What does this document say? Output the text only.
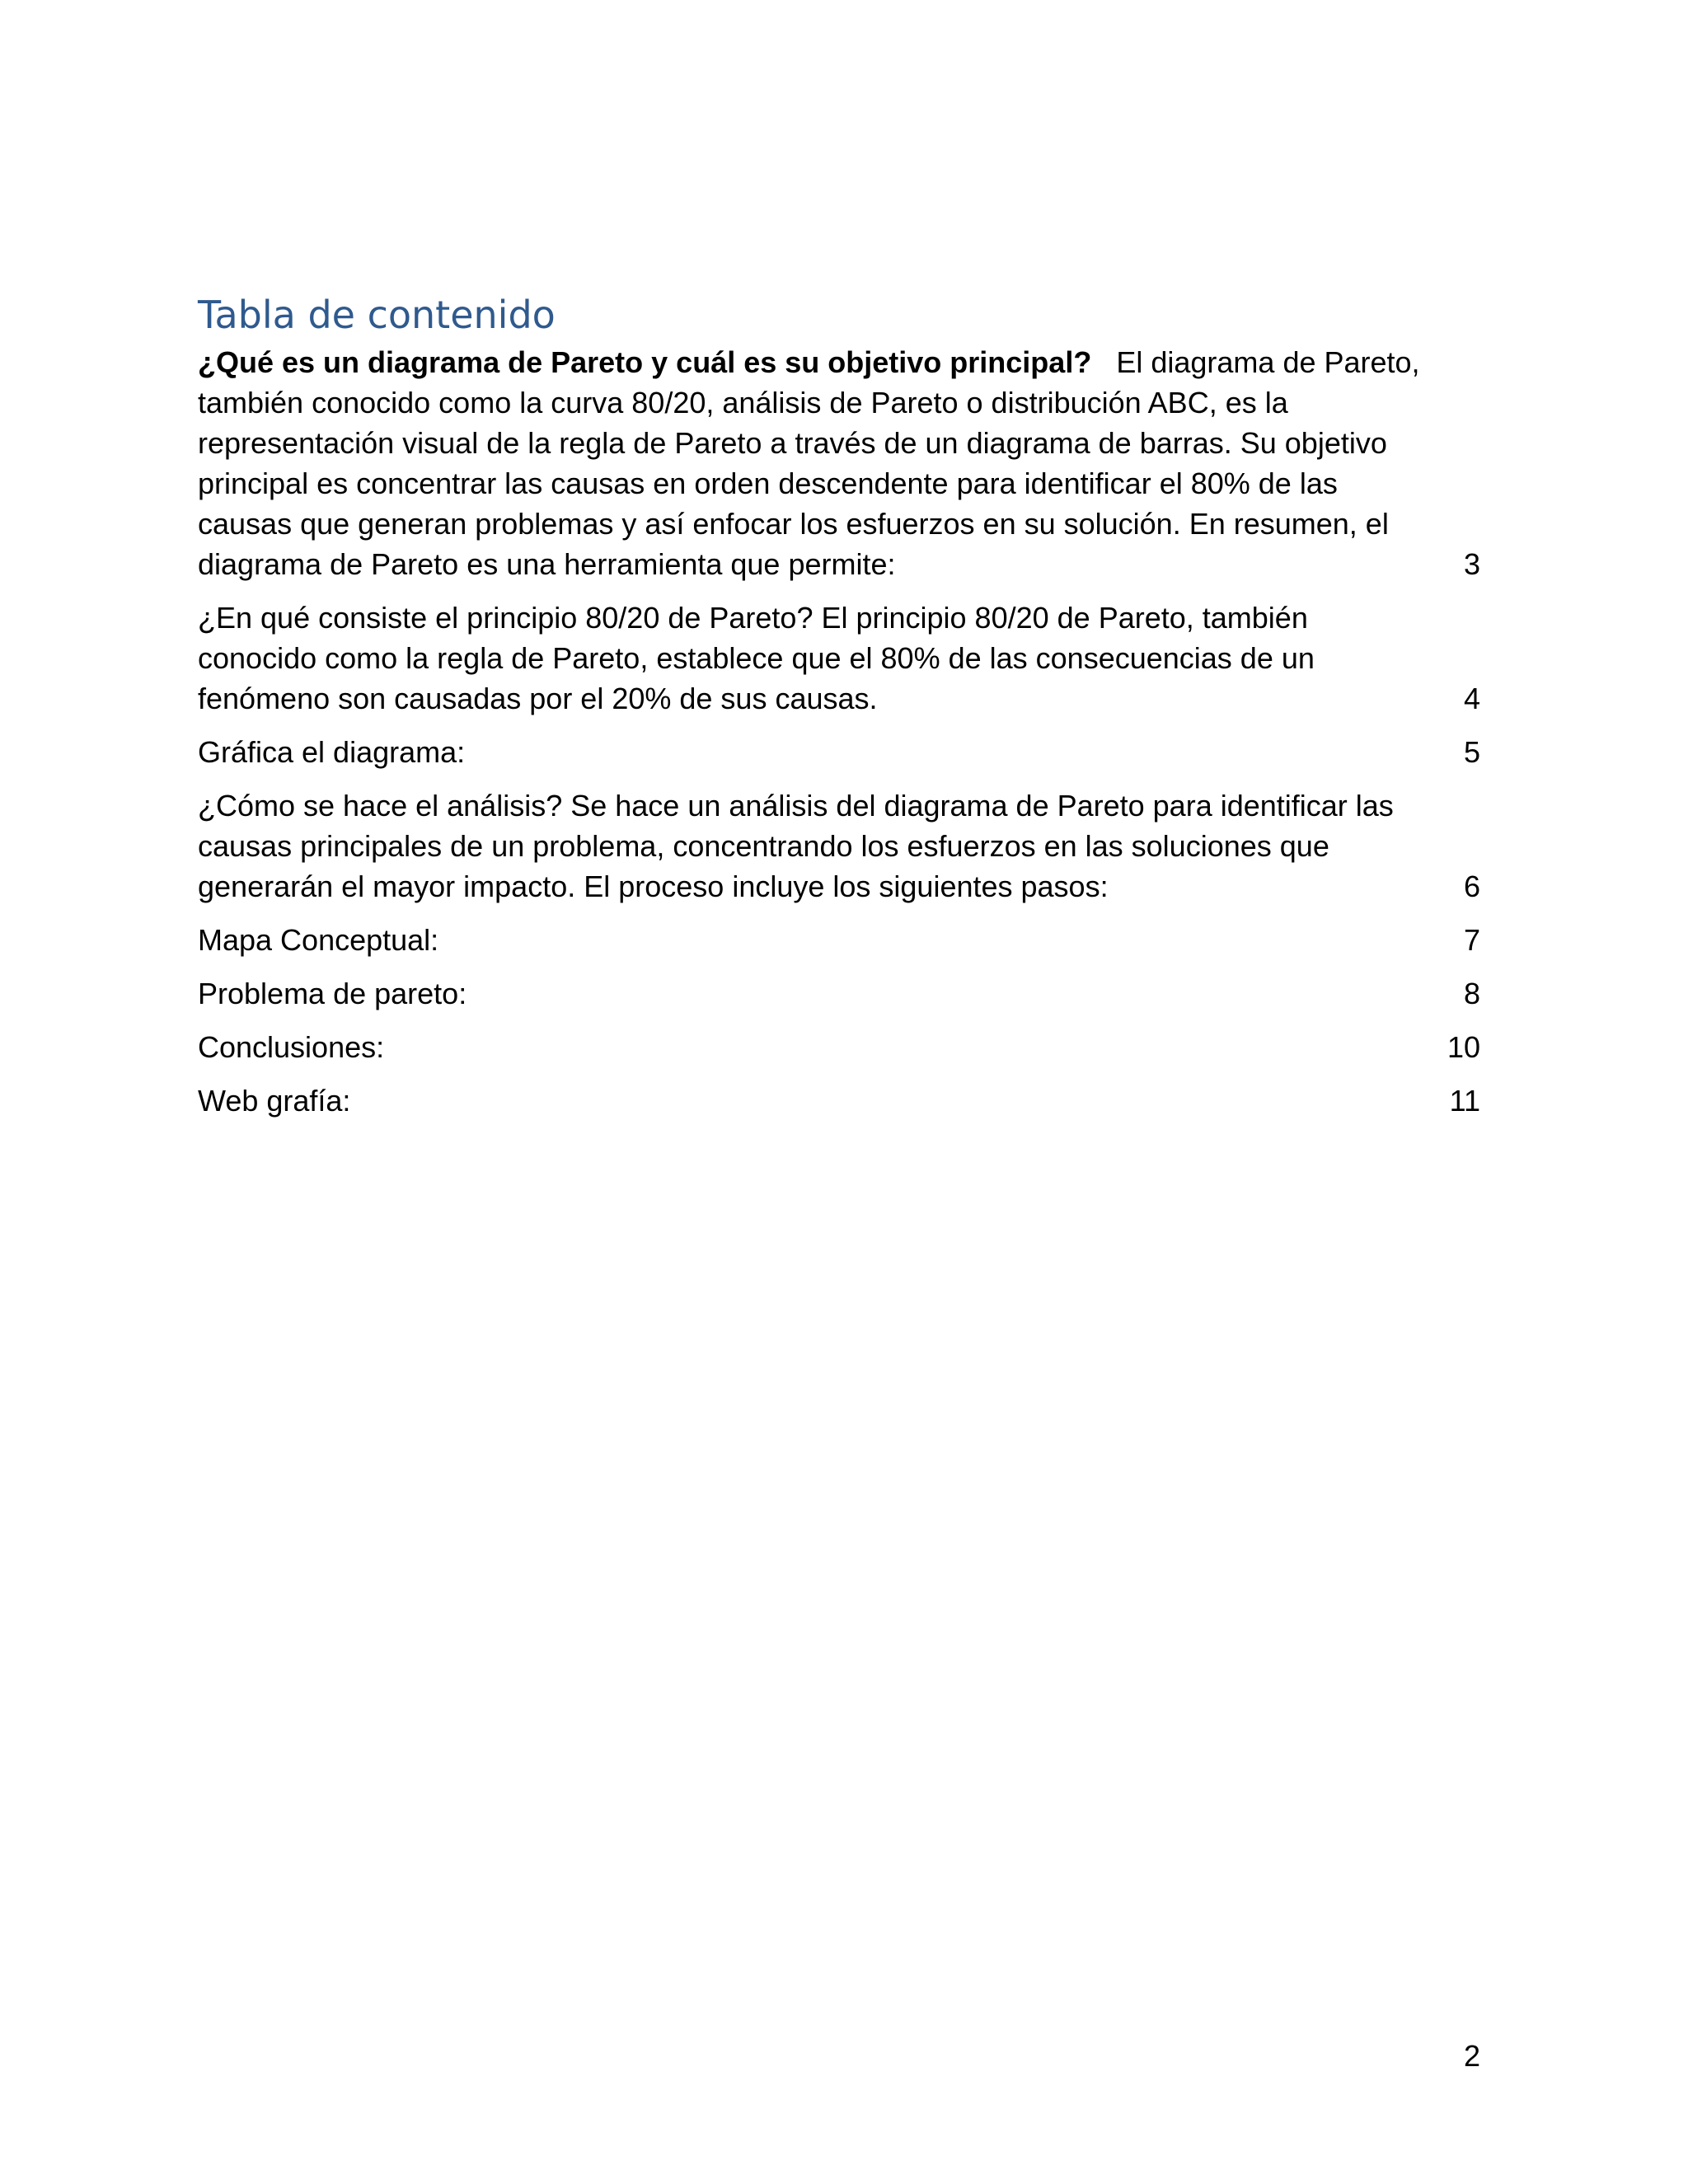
Tabla de contenido
¿Qué es un diagrama de Pareto y cuál es su objetivo principal? El diagrama de Pareto, también conocido como la curva 80/20, análisis de Pareto o distribución ABC, es la representación visual de la regla de Pareto a través de un diagrama de barras. Su objetivo principal es concentrar las causas en orden descendente para identificar el 80% de las causas que generan problemas y así enfocar los esfuerzos en su solución. En resumen, el diagrama de Pareto es una herramienta que permite:	3
¿En qué consiste el principio 80/20 de Pareto? El principio 80/20 de Pareto, también conocido como la regla de Pareto, establece que el 80% de las consecuencias de un fenómeno son causadas por el 20% de sus causas.	4
Gráfica el diagrama:	5
¿Cómo se hace el análisis? Se hace un análisis del diagrama de Pareto para identificar las causas principales de un problema, concentrando los esfuerzos en las soluciones que generarán el mayor impacto. El proceso incluye los siguientes pasos:	6
Mapa Conceptual:	7
Problema de pareto:	8
Conclusiones:	10
Web grafía:	11
2
